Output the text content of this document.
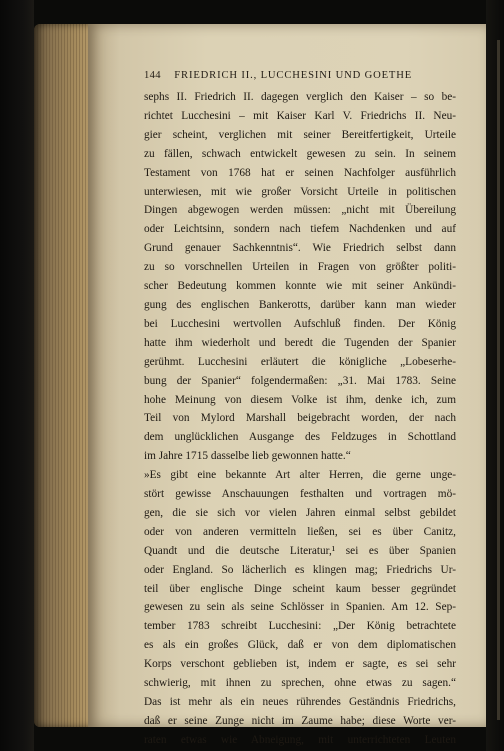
144 FRIEDRICH II., LUCCHESINI UND GOETHE
sephs II. Friedrich II. dagegen verglich den Kaiser – so be-
richtet Lucchesini – mit Kaiser Karl V. Friedrichs II. Neu-
gier scheint, verglichen mit seiner Bereitfertigkeit, Urteile
zu fällen, schwach entwickelt gewesen zu sein. In seinem
Testament von 1768 hat er seinen Nachfolger ausführlich
unterwiesen, mit wie großer Vorsicht Urteile in politischen
Dingen abgewogen werden müssen: „nicht mit Übereilung
oder Leichtsinn, sondern nach tiefem Nachdenken und auf
Grund genauer Sachkenntnis“. Wie Friedrich selbst dann
zu so vorschnellen Urteilen in Fragen von größter politi-
scher Bedeutung kommen konnte wie mit seiner Ankündi-
gung des englischen Bankerotts, darüber kann man wieder
bei Lucchesini wertvollen Aufschluß finden. Der König
hatte ihm wiederholt und beredt die Tugenden der Spanier
gerühmt. Lucchesini erläutert die königliche „Lobeserhe-
bung der Spanier“ folgendermaßen: „31. Mai 1783. Seine
hohe Meinung von diesem Volke ist ihm, denke ich, zum
Teil von Mylord Marshall beigebracht worden, der nach
dem unglücklichen Ausgange des Feldzuges in Schottland
im Jahre 1715 dasselbe lieb gewonnen hatte.“
»Es gibt eine bekannte Art alter Herren, die gerne unge-
stört gewisse Anschauungen festhalten und vortragen mö-
gen, die sie sich vor vielen Jahren einmal selbst gebildet
oder von anderen vermitteln ließen, sei es über Canitz,
Quandt und die deutsche Literatur,¹ sei es über Spanien
oder England. So lächerlich es klingen mag; Friedrichs Ur-
teil über englische Dinge scheint kaum besser gegründet
gewesen zu sein als seine Schlösser in Spanien. Am 12. Sep-
tember 1783 schreibt Lucchesini: „Der König betrachtete
es als ein großes Glück, daß er von dem diplomatischen
Korps verschont geblieben ist, indem er sagte, es sei sehr
schwierig, mit ihnen zu sprechen, ohne etwas zu sagen.“
Das ist mehr als ein neues rührendes Geständnis Friedrichs,
daß er seine Zunge nicht im Zaume habe; diese Worte ver-
raten etwas wie Abneigung, mit unterrichteten Leuten
